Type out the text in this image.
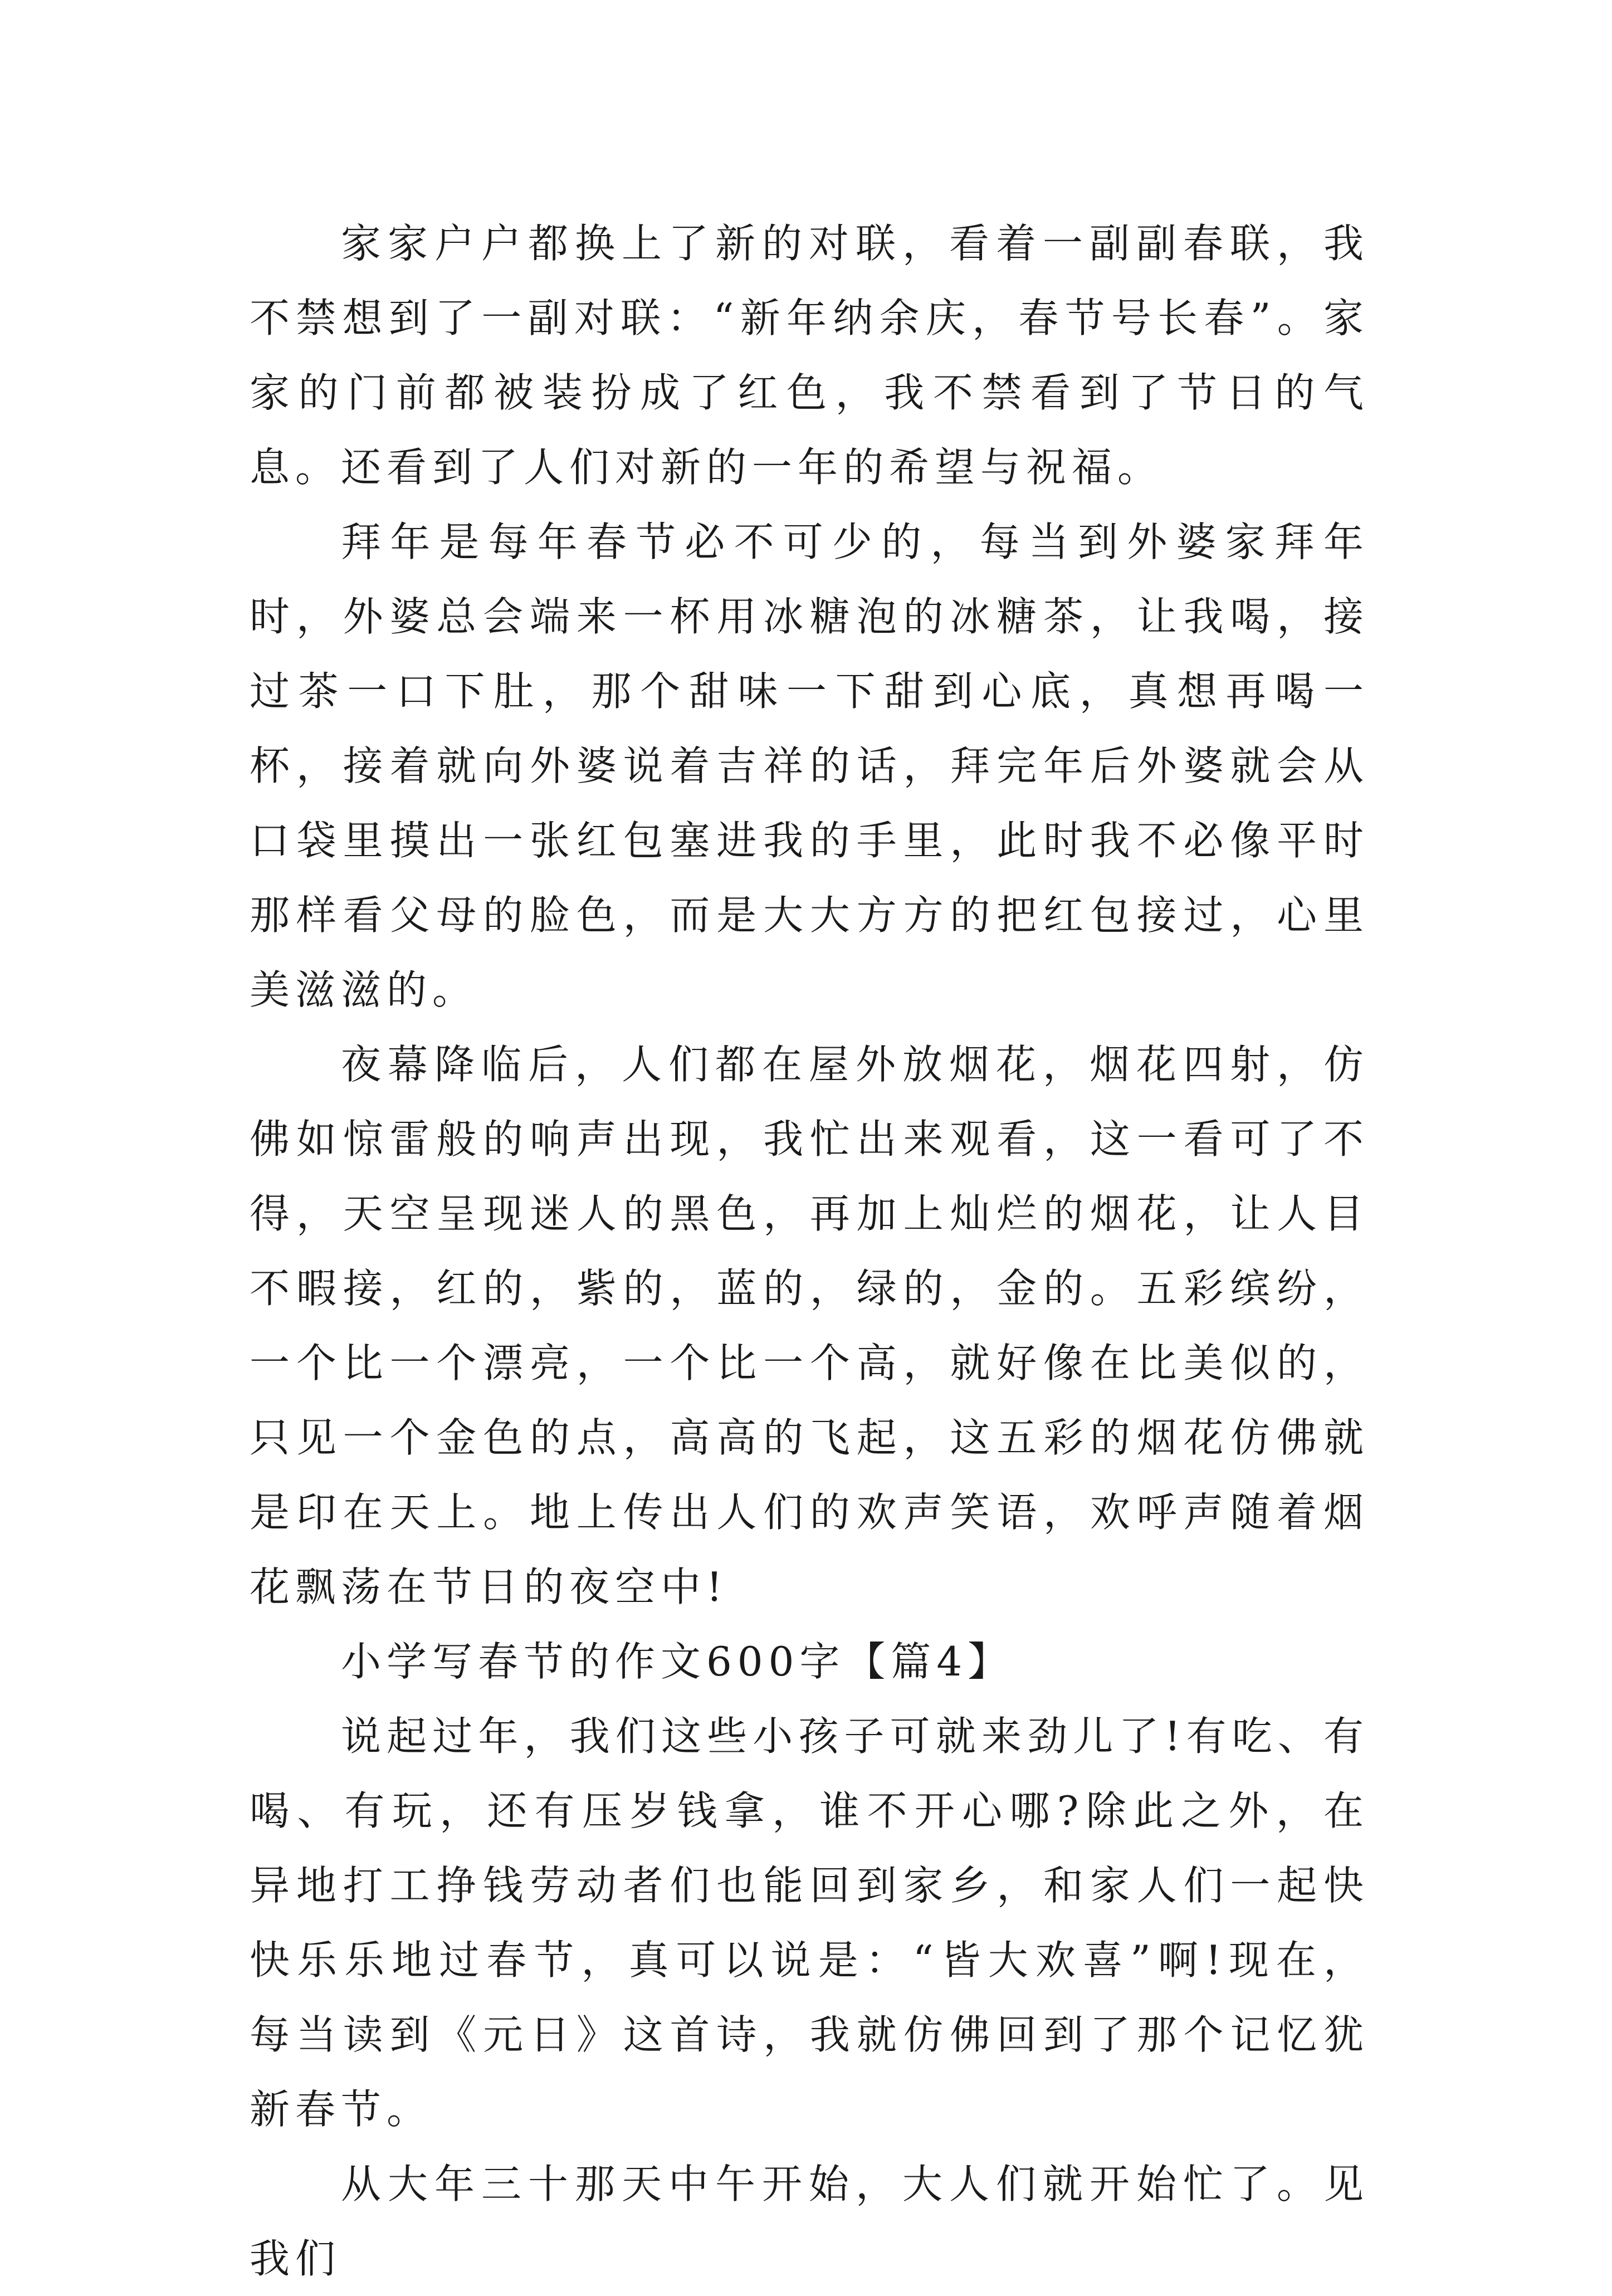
家家户户都换上了新的对联，看着一副副春联，我不禁想到了一副对联：“新年纳余庆，春节号长春”。家家的门前都被装扮成了红色，我不禁看到了节日的气息。还看到了人们对新的一年的希望与祝福。

拜年是每年春节必不可少的，每当到外婆家拜年时，外婆总会端来一杯用冰糖泡的冰糖茶，让我喝，接过茶一口下肚，那个甜味一下甜到心底，真想再喝一杯，接着就向外婆说着吉祥的话，拜完年后外婆就会从口袋里摸出一张红包塞进我的手里，此时我不必像平时那样看父母的脸色，而是大大方方的把红包接过，心里美滋滋的。

夜幕降临后，人们都在屋外放烟花，烟花四射，仿佛如惊雷般的响声出现，我忙出来观看，这一看可了不得，天空呈现迷人的黑色，再加上灿烂的烟花，让人目不暇接，红的，紫的，蓝的，绿的，金的。五彩缤纷，一个比一个漂亮，一个比一个高，就好像在比美似的，只见一个金色的点，高高的飞起，这五彩的烟花仿佛就是印在天上。地上传出人们的欢声笑语，欢呼声随着烟花飘荡在节日的夜空中!

小学写春节的作文600字【篇4】

说起过年，我们这些小孩子可就来劲儿了!有吃、有喝、有玩，还有压岁钱拿，谁不开心哪?除此之外，在异地打工挣钱劳动者们也能回到家乡，和家人们一起快快乐乐地过春节，真可以说是：“皆大欢喜”啊!现在，每当读到《元日》这首诗，我就仿佛回到了那个记忆犹新春节。

从大年三十那天中午开始，大人们就开始忙了。见我们
